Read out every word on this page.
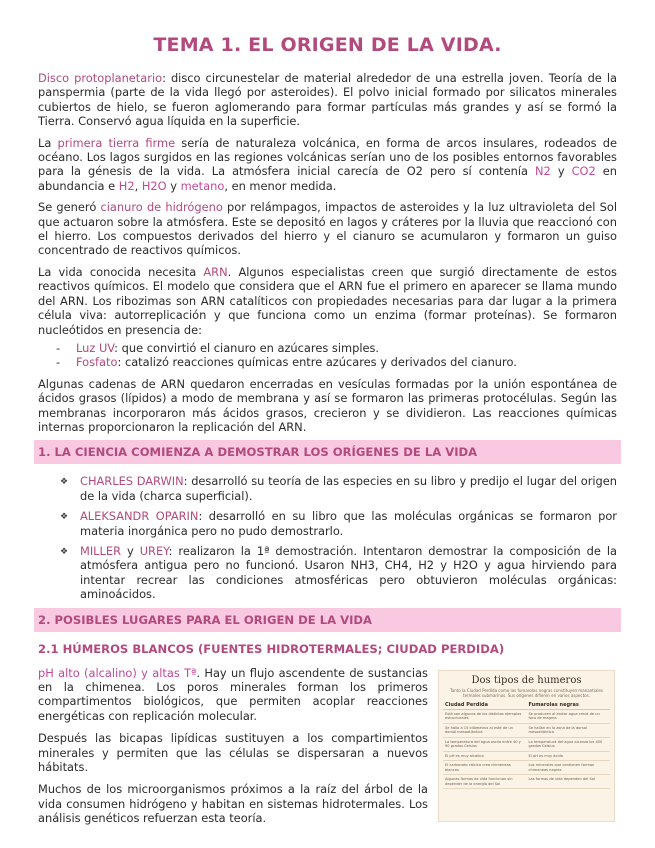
TEMA 1. EL ORIGEN DE LA VIDA.

Disco protoplanetario: disco circunestelar de material alrededor de una estrella joven. Teoría de la panspermia (parte de la vida llegó por asteroides). El polvo inicial formado por silicatos minerales cubiertos de hielo, se fueron aglomerando para formar partículas más grandes y así se formó la Tierra. Conservó agua líquida en la superficie.

La primera tierra firme sería de naturaleza volcánica, en forma de arcos insulares, rodeados de océano. Los lagos surgidos en las regiones volcánicas serían uno de los posibles entornos favorables para la génesis de la vida. La atmósfera inicial carecía de O2 pero sí contenía N2 y CO2 en abundancia e H2, H2O y metano, en menor medida.

Se generó cianuro de hidrógeno por relámpagos, impactos de asteroides y la luz ultravioleta del Sol que actuaron sobre la atmósfera. Este se depositó en lagos y cráteres por la lluvia que reaccionó con el hierro. Los compuestos derivados del hierro y el cianuro se acumularon y formaron un guiso concentrado de reactivos químicos.

La vida conocida necesita ARN. Algunos especialistas creen que surgió directamente de estos reactivos químicos. El modelo que considera que el ARN fue el primero en aparecer se llama mundo del ARN. Los ribozimas son ARN catalíticos con propiedades necesarias para dar lugar a la primera célula viva: autorreplicación y que funciona como un enzima (formar proteínas). Se formaron nucleótidos en presencia de:

- Luz UV: que convirtió el cianuro en azúcares simples.
- Fosfato: catalizó reacciones químicas entre azúcares y derivados del cianuro.

Algunas cadenas de ARN quedaron encerradas en vesículas formadas por la unión espontánea de ácidos grasos (lípidos) a modo de membrana y así se formaron las primeras protocélulas. Según las membranas incorporaron más ácidos grasos, crecieron y se dividieron. Las reacciones químicas internas proporcionaron la replicación del ARN.

1. LA CIENCIA COMIENZA A DEMOSTRAR LOS ORÍGENES DE LA VIDA
❖ CHARLES DARWIN: desarrolló su teoría de las especies en su libro y predijo el lugar del origen de la vida (charca superficial).
❖ ALEKSANDR OPARIN: desarrolló en su libro que las moléculas orgánicas se formaron por materia inorgánica pero no pudo demostrarlo.
❖ MILLER y UREY: realizaron la 1ª demostración. Intentaron demostrar la composición de la atmósfera antigua pero no funcionó. Usaron NH3, CH4, H2 y H2O y agua hirviendo para intentar recrear las condiciones atmosféricas pero obtuvieron moléculas orgánicas: aminoácidos.
2. POSIBLES LUGARES PARA EL ORIGEN DE LA VIDA
2.1 HÚMEROS BLANCOS (FUENTES HIDROTERMALES; CIUDAD PERDIDA)

pH alto (alcalino) y altas Tª. Hay un flujo ascendente de sustancias en la chimenea. Los poros minerales forman los primeros compartimentos biológicos, que permiten acoplar reacciones energéticas con replicación molecular.

Después las bicapas lipídicas sustituyen a los compartimientos minerales y permiten que las células se dispersaran a nuevos hábitats.

Muchos de los microorganismos próximos a la raíz del árbol de la vida consumen hidrógeno y habitan en sistemas hidrotermales. Los análisis genéticos refuerzan esta teoría.

Dos tipos de humeros
Tanto la Ciudad Perdida como las fumarolas negras constituyen manantiales termales submarinos. Sus orígenes difieren en varios aspectos.
Ciudad Perdida	Fumarolas negras
Está son algunos de los distintos ejemplos estructurales	Se producen al brotar agua cerca de un foco de magma
Se halla a 15 kilómetros al este de un dorsal mesoatlántica	Se hallan en la zona de la dorsal mesoatlántica
La temperatura del agua oscila entre 40 y 90 grados Celsius	La temperatura del agua alcanza los 400 grados Celsius
El pH es muy alcalino	El pH es muy ácido
El carbonato cálcico crea chimeneas blancas	Los minerales que contienen forman chimeneas negras
Algunas formas de vida funcionan sin depender de la energía del Sol	Las formas de vida dependen del Sol
